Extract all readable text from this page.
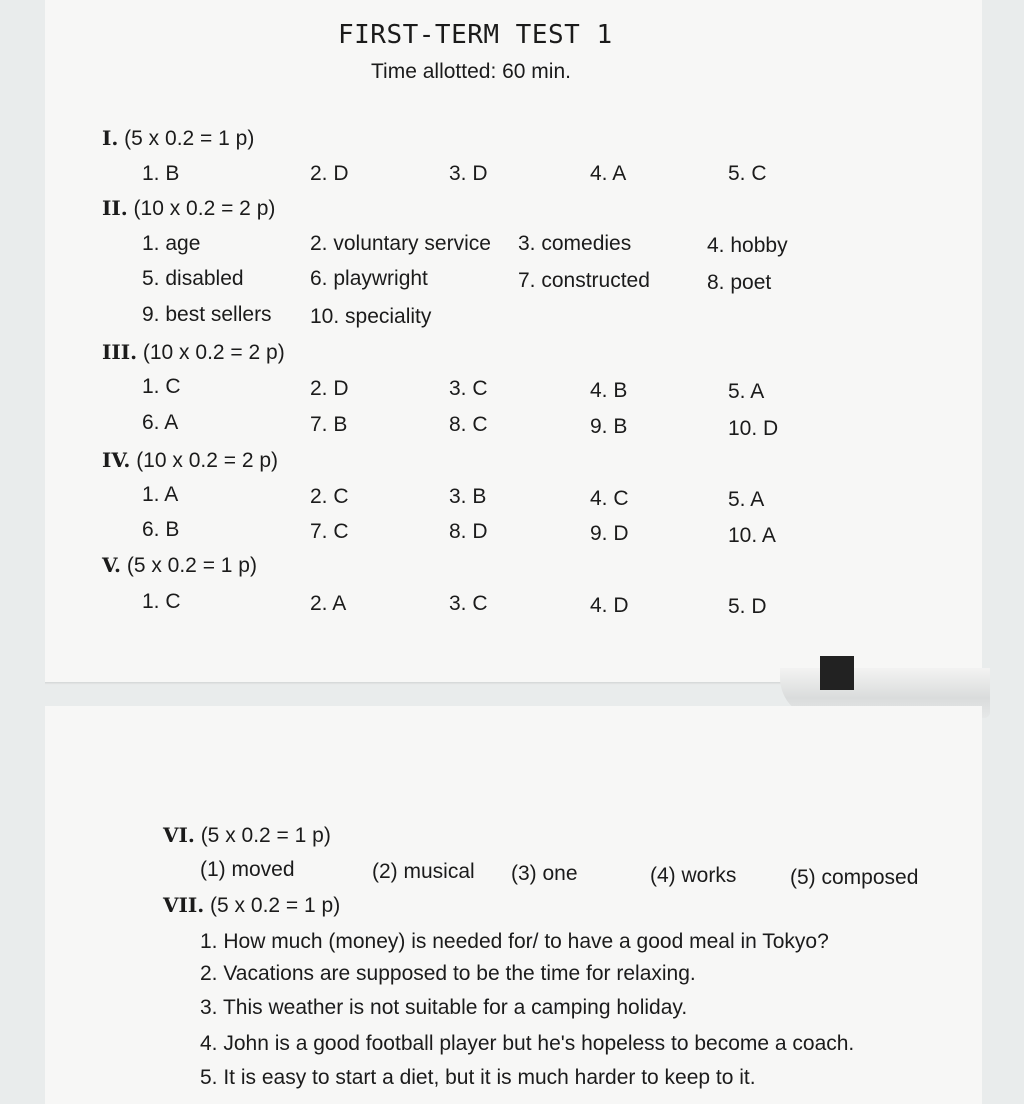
FIRST-TERM TEST 1
Time allotted: 60 min.
I. (5 x 0.2 = 1 p)
1. B	2. D	3. D	4. A	5. C
II. (10 x 0.2 = 2 p)
1. age	2. voluntary service 3. comedies	4. hobby
5. disabled	6. playwright	7. constructed	8. poet
9. best sellers 10. speciality
III. (10 x 0.2 = 2 p)
1. C	2. D	3. C	4. B	5. A
6. A	7. B	8. C	9. B	10. D
IV. (10 x 0.2 = 2 p)
1. A	2. C	3. B	4. C	5. A
6. B	7. C	8. D	9. D	10. A
V. (5 x 0.2 = 1 p)
1. C	2. A	3. C	4. D	5. D
VI. (5 x 0.2 = 1 p)
(1) moved	(2) musical (3) one	(4) works	(5) composed
VII. (5 x 0.2 = 1 p)
1. How much (money) is needed for/ to have a good meal in Tokyo?
2. Vacations are supposed to be the time for relaxing.
3. This weather is not suitable for a camping holiday.
4. John is a good football player but he's hopeless to become a coach.
5. It is easy to start a diet, but it is much harder to keep to it.
